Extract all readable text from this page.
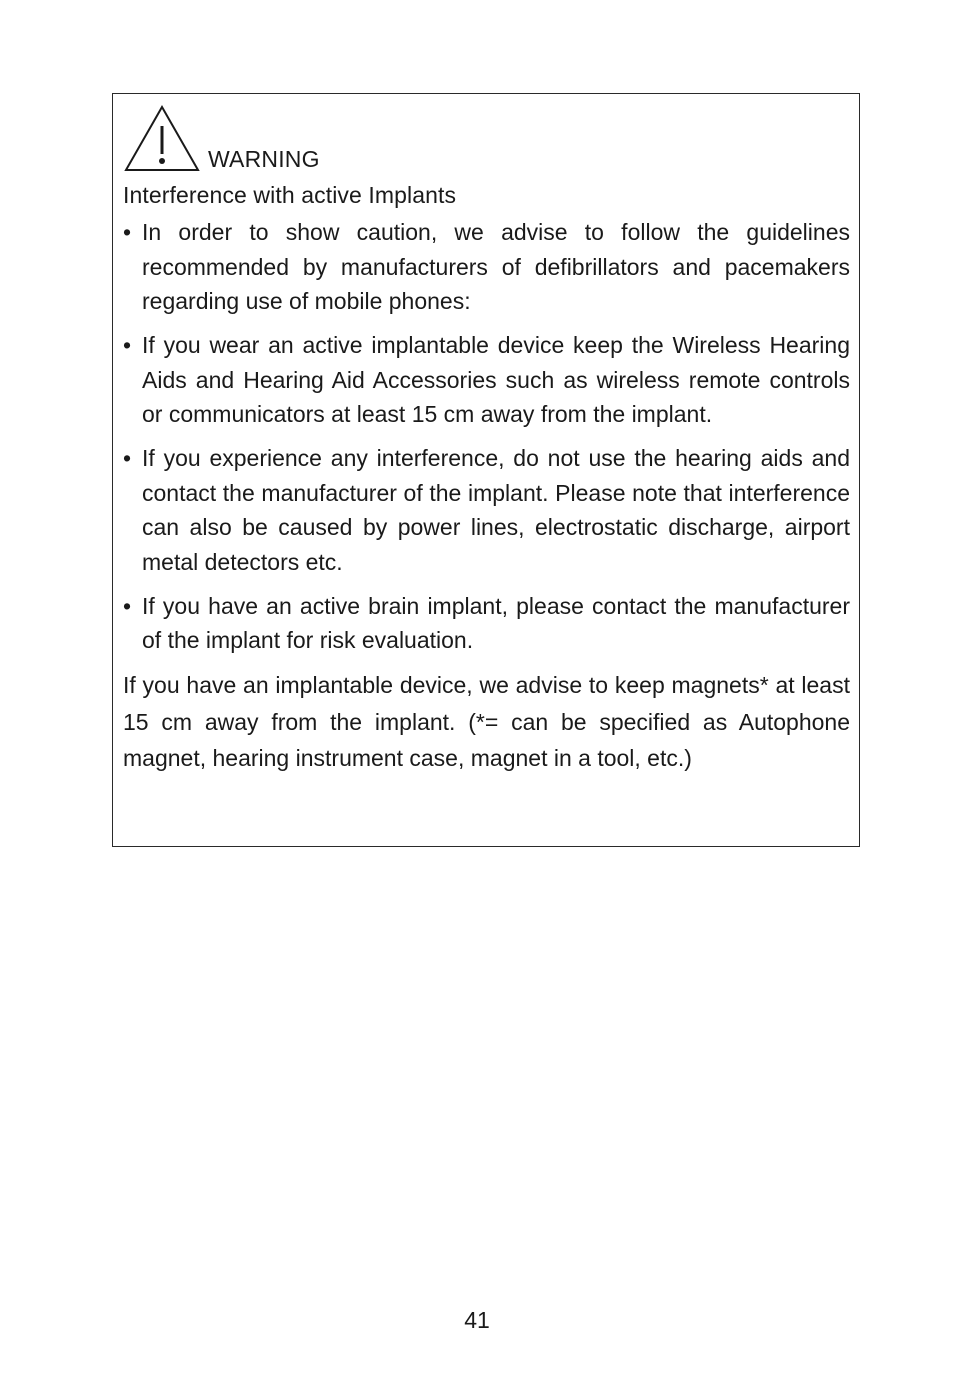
WARNING
Interference with active Implants
• In order to show caution, we advise to follow the guidelines recommended by manufacturers of defibrillators and pacemakers regarding use of mobile phones:
• If you wear an active implantable device keep the Wireless Hearing Aids and Hearing Aid Accessories such as wireless remote controls or communicators at least 15 cm away from the implant.
• If you experience any interference, do not use the hearing aids and contact the manufacturer of the implant. Please note that interference can also be caused by power lines, electrostatic discharge, airport metal detectors etc.
• If you have an active brain implant, please contact the manufacturer of the implant for risk evaluation.
If you have an implantable device, we advise to keep magnets* at least 15 cm away from the implant. (*= can be specified as Autophone magnet, hearing instrument case, magnet in a tool, etc.)
41
